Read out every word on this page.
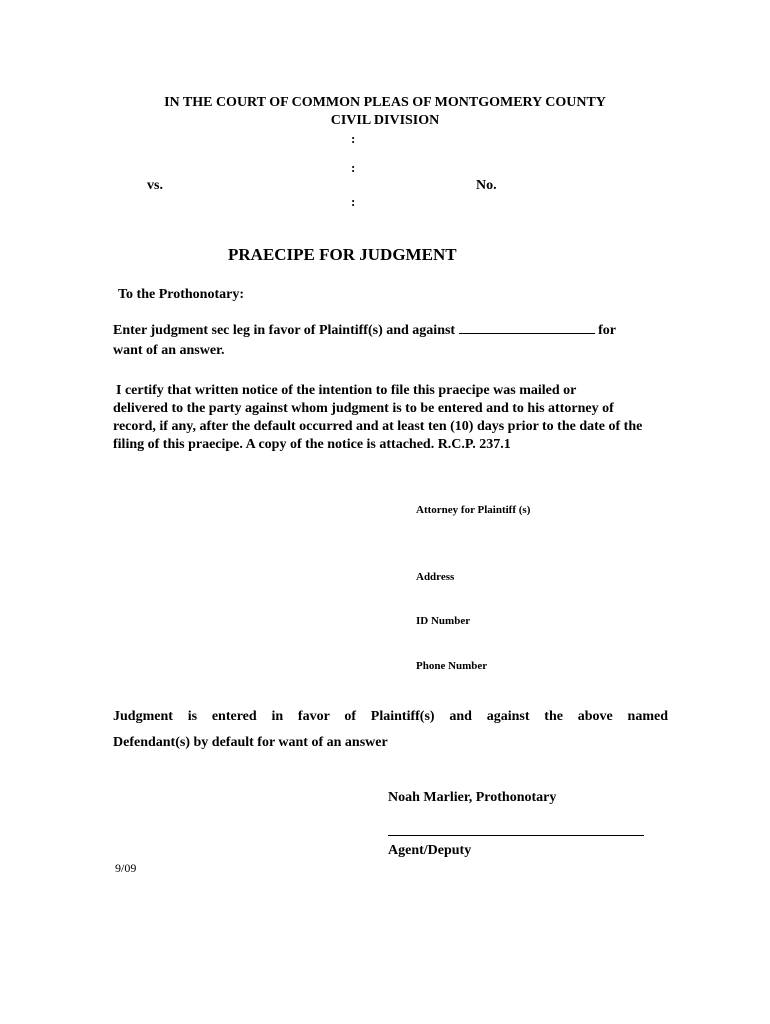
IN THE COURT OF COMMON PLEAS OF MONTGOMERY COUNTY
CIVIL DIVISION
:
:
vs.	No.
:
PRAECIPE FOR JUDGMENT
To the Prothonotary:
Enter judgment sec leg in favor of Plaintiff(s) and against	for
want of an answer.
I certify that written notice of the intention to file this praecipe was mailed or
delivered to the party against whom judgment is to be entered and to his attorney of
record, if any, after the default occurred and at least ten (10) days prior to the date of the
filing of this praecipe. A copy of the notice is attached. R.C.P. 237.1
Attorney for Plaintiff (s)
Address
ID Number
Phone Number
Judgment is entered in favor of Plaintiff(s) and against the above named
Defendant(s) by default for want of an answer
Noah Marlier, Prothonotary
Agent/Deputy
9/09
